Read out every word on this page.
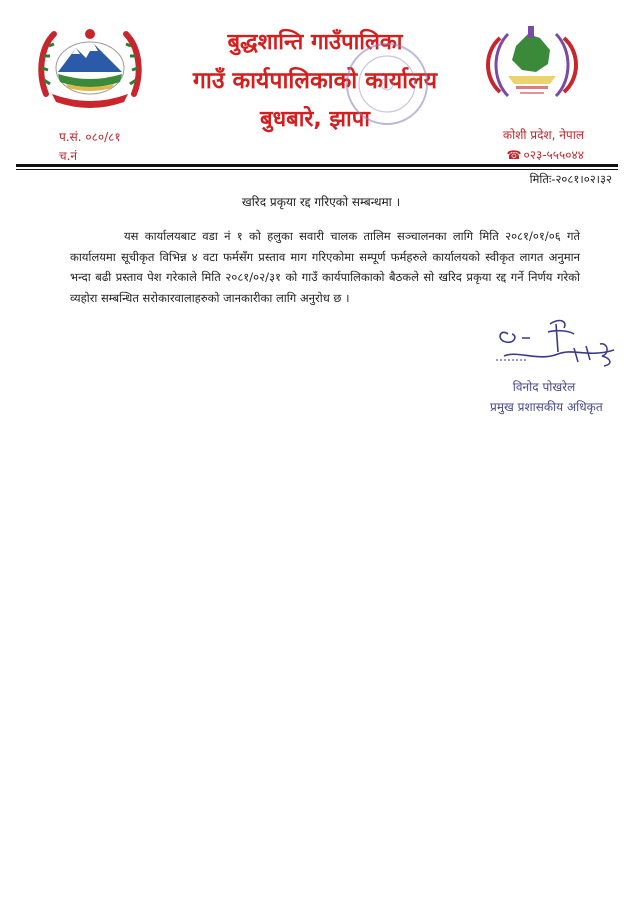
बुद्धशान्ति गाउँपालिका
गाउँ कार्यपालिकाको कार्यालय
बुधबारे, झापा
प.सं. ०८०/८१
च.नं
कोशी प्रदेश, नेपाल
☎ ०२३-५५५०४४
मितिः-२०८१।०२।३२

खरिद प्रकृया रद्द गरिएको सम्बन्धमा ।

यस कार्यालयबाट वडा नं १ को हलुका सवारी चालक तालिम सञ्चालनका लागि मिति २०८१/०१/०६ गते कार्यालयमा सूचीकृत विभिन्न ४ वटा फर्मसँग प्रस्ताव माग गरिएकोमा सम्पूर्ण फर्महरुले कार्यालयको स्वीकृत लागत अनुमान भन्दा बढी प्रस्ताव पेश गरेकाले मिति २०८१/०२/३१ को गाउँ कार्यपालिकाको बैठकले सो खरिद प्रकृया रद्द गर्ने निर्णय गरेको व्यहोरा सम्बन्धित सरोकारवालाहरुको जानकारीका लागि अनुरोध छ ।

विनोद पोखरेल
प्रमुख प्रशासकीय अधिकृत
